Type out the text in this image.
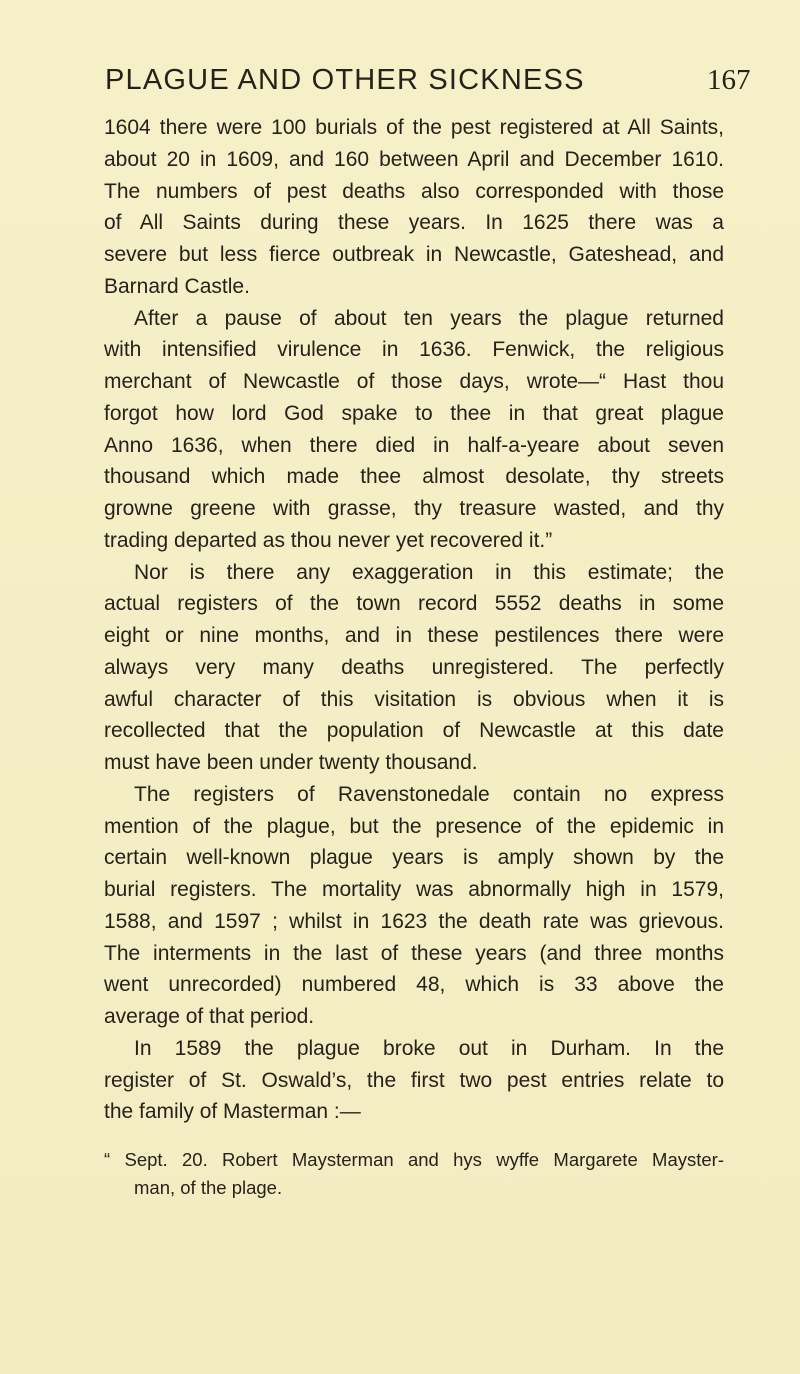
PLAGUE AND OTHER SICKNESS	167
1604 there were 100 burials of the pest registered at All Saints,
about 20 in 1609, and 160 between April and December 1610.
The numbers of pest deaths also corresponded with those
of All Saints during these years. In 1625 there was a
severe but less fierce outbreak in Newcastle, Gateshead, and
Barnard Castle.
After a pause of about ten years the plague returned
with intensified virulence in 1636. Fenwick, the religious
merchant of Newcastle of those days, wrote—“ Hast thou
forgot how lord God spake to thee in that great plague
Anno 1636, when there died in half-a-yeare about seven
thousand which made thee almost desolate, thy streets
growne greene with grasse, thy treasure wasted, and thy
trading departed as thou never yet recovered it.”
Nor is there any exaggeration in this estimate; the
actual registers of the town record 5552 deaths in some
eight or nine months, and in these pestilences there were
always very many deaths unregistered. The perfectly
awful character of this visitation is obvious when it is
recollected that the population of Newcastle at this date
must have been under twenty thousand.
The registers of Ravenstonedale contain no express
mention of the plague, but the presence of the epidemic in
certain well-known plague years is amply shown by the
burial registers. The mortality was abnormally high in 1579,
1588, and 1597 ; whilst in 1623 the death rate was grievous.
The interments in the last of these years (and three months
went unrecorded) numbered 48, which is 33 above the
average of that period.
In 1589 the plague broke out in Durham. In the
register of St. Oswald’s, the first two pest entries relate to
the family of Masterman :—
“ Sept. 20. Robert Maysterman and hys wyffe Margarete Mayster-
man, of the plage.
